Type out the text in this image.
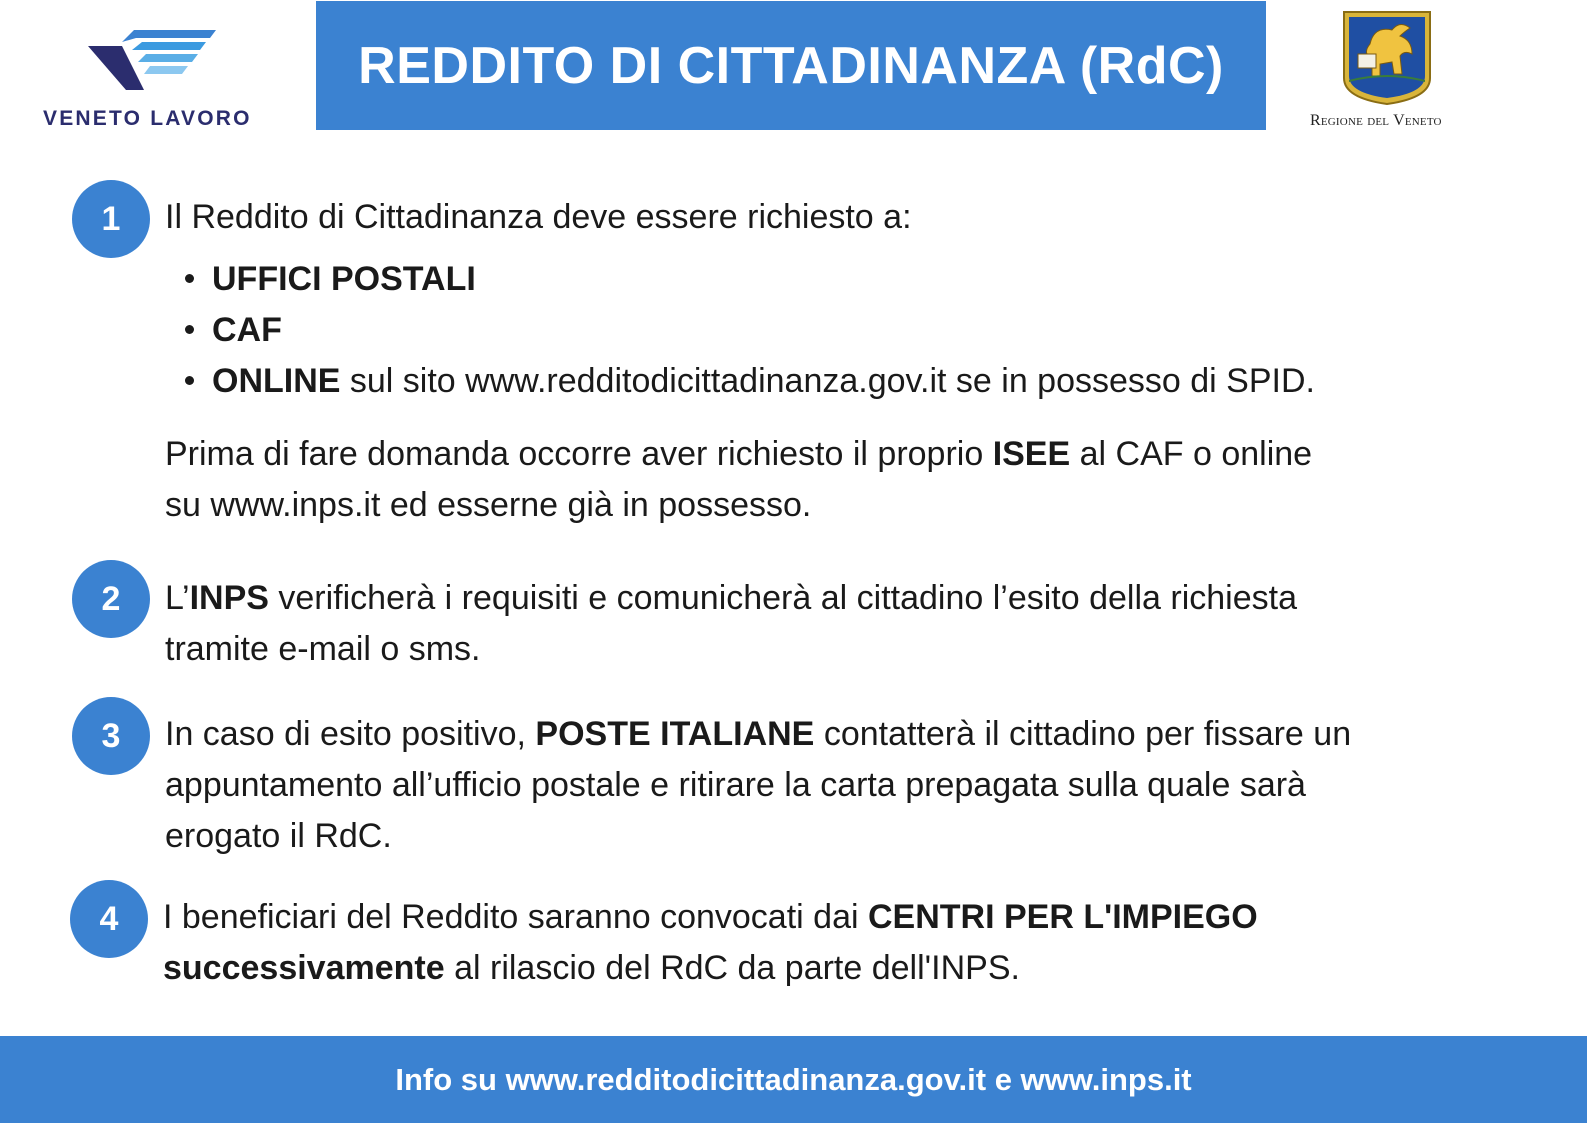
VENETO LAVORO
REDDITO DI CITTADINANZA (RdC)
Regione del Veneto
1	Il Reddito di Cittadinanza deve essere richiesto a:
UFFICI POSTALI
CAF
ONLINE sul sito www.redditodicittadinanza.gov.it se in possesso di SPID.
Prima di fare domanda occorre aver richiesto il proprio ISEE al CAF o online
su www.inps.it ed esserne già in possesso.
2	L’INPS verificherà i requisiti e comunicherà al cittadino l’esito della richiesta
tramite e-mail o sms.
3	In caso di esito positivo, POSTE ITALIANE contatterà il cittadino per fissare un
appuntamento all’ufficio postale e ritirare la carta prepagata sulla quale sarà
erogato il RdC.
4	I beneficiari del Reddito saranno convocati dai CENTRI PER L'IMPIEGO
successivamente al rilascio del RdC da parte dell'INPS.
Info su www.redditodicittadinanza.gov.it e www.inps.it
